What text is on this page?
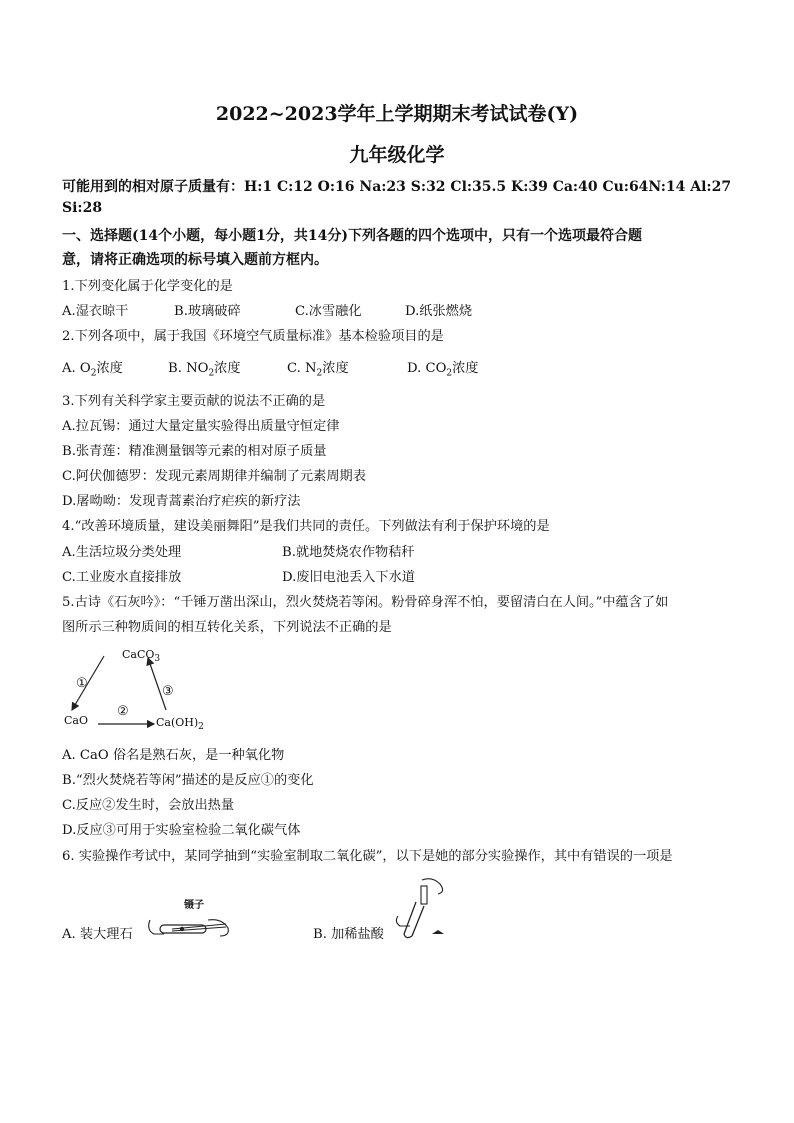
2022~2023学年上学期期末考试试卷(Y)
九年级化学
可能用到的相对原子质量有：H:1 C:12 O:16 Na:23 S:32 Cl:35.5 K:39 Ca:40 Cu:64N:14 Al:27
Si:28
一、选择题(14个小题，每小题1分，共14分)下列各题的四个选项中，只有一个选项最符合题
意，请将正确选项的标号填入题前方框内。
1.下列变化属于化学变化的是
A.湿衣晾干	B.玻璃破碎	C.冰雪融化	D.纸张燃烧
2.下列各项中，属于我国《环境空气质量标准》基本检验项目的是
A. $O_2$浓度	B. $NO_2$浓度	C. $N_2$浓度	D. $CO_2$浓度
3.下列有关科学家主要贡献的说法不正确的是
A.拉瓦锡：通过大量定量实验得出质量守恒定律
B.张青莲：精准测量铟等元素的相对原子质量
C.阿伏伽德罗：发现元素周期律并编制了元素周期表
D.屠呦呦：发现青蒿素治疗疟疾的新疗法
4.“改善环境质量，建设美丽舞阳”是我们共同的责任。下列做法有利于保护环境的是
A.生活垃圾分类处理	B.就地焚烧农作物秸秆
C.工业废水直接排放	D.废旧电池丢入下水道
5.古诗《石灰吟》：“千锤万凿出深山，烈火焚烧若等闲。粉骨碎身浑不怕，要留清白在人间。”中蕴含了如
图所示三种物质间的相互转化关系，下列说法不正确的是
CaCO$_3$
CaO	$Ca(OH)_2$
①
②
③
A. CaO 俗名是熟石灰，是一种氧化物
B.“烈火焚烧若等闲”描述的是反应①的变化
C.反应②发生时，会放出热量
D.反应③可用于实验室检验二氧化碳气体
6. 实验操作考试中，某同学抽到“实验室制取二氧化碳”，以下是她的部分实验操作，其中有错误的一项是
A. 装大理石
镊子
B. 加稀盐酸
